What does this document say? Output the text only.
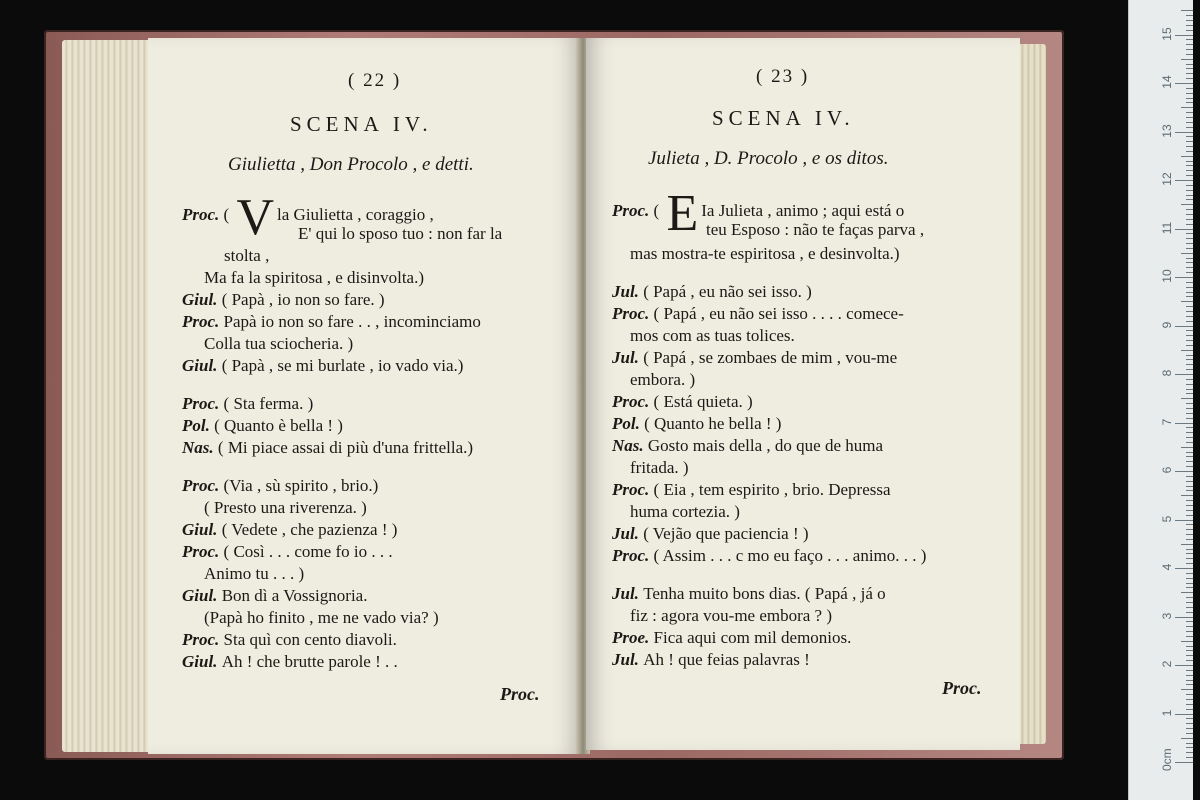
( 22 )
SCENA IV.
Giulietta , Don Procolo , e detti.
Proc. ( V la Giulietta , coraggio ,
E' qui lo sposo tuo : non far la
stolta ,
Ma fa la spiritosa , e disinvolta.)
Giul. ( Papà , io non so fare. )
Proc. Papà io non so fare . . , incominciamo
Colla tua sciocheria. )
Giul. ( Papà , se mi burlate , io vado via.)
Proc. ( Sta ferma. )
Pol. ( Quanto è bella ! )
Nas. ( Mi piace assai di più d'una frittella.)
Proc. (Via , sù spirito , brio.)
( Presto una riverenza. )
Giul. ( Vedete , che pazienza ! )
Proc. ( Così . . . come fo io . . .
Animo tu . . . )
Giul. Bon dì a Vossignoria.
(Papà ho finito , me ne vado via? )
Proc. Sta quì con cento diavoli.
Giul. Ah ! che brutte parole ! . .
Proc.
( 23 )
SCENA IV.
Julieta , D. Procolo , e os ditos.
Proc. ( E Ia Julieta , animo ; aqui está o
teu Esposo : não te faças parva ,
mas mostra-te espiritosa , e desinvolta.)
Jul. ( Papá , eu não sei isso. )
Proc. ( Papá , eu não sei isso . . . . comece-
mos com as tuas tolices.
Jul. ( Papá , se zombaes de mim , vou-me
embora. )
Proc. ( Está quieta. )
Pol. ( Quanto he bella ! )
Nas. Gosto mais della , do que de huma
fritada. )
Proc. ( Eia , tem espirito , brio. Depressa
huma cortezia. )
Jul. ( Vejão que paciencia ! )
Proc. ( Assim . . . c mo eu faço . . . animo. . . )
Jul. Tenha muito bons dias. ( Papá , já o
fiz : agora vou-me embora ? )
Proe. Fica aqui com mil demonios.
Jul. Ah ! que feias palavras !
Proc.
0cm
1
2
3
4
5
6
7
8
9
10
11
12
13
14
15
